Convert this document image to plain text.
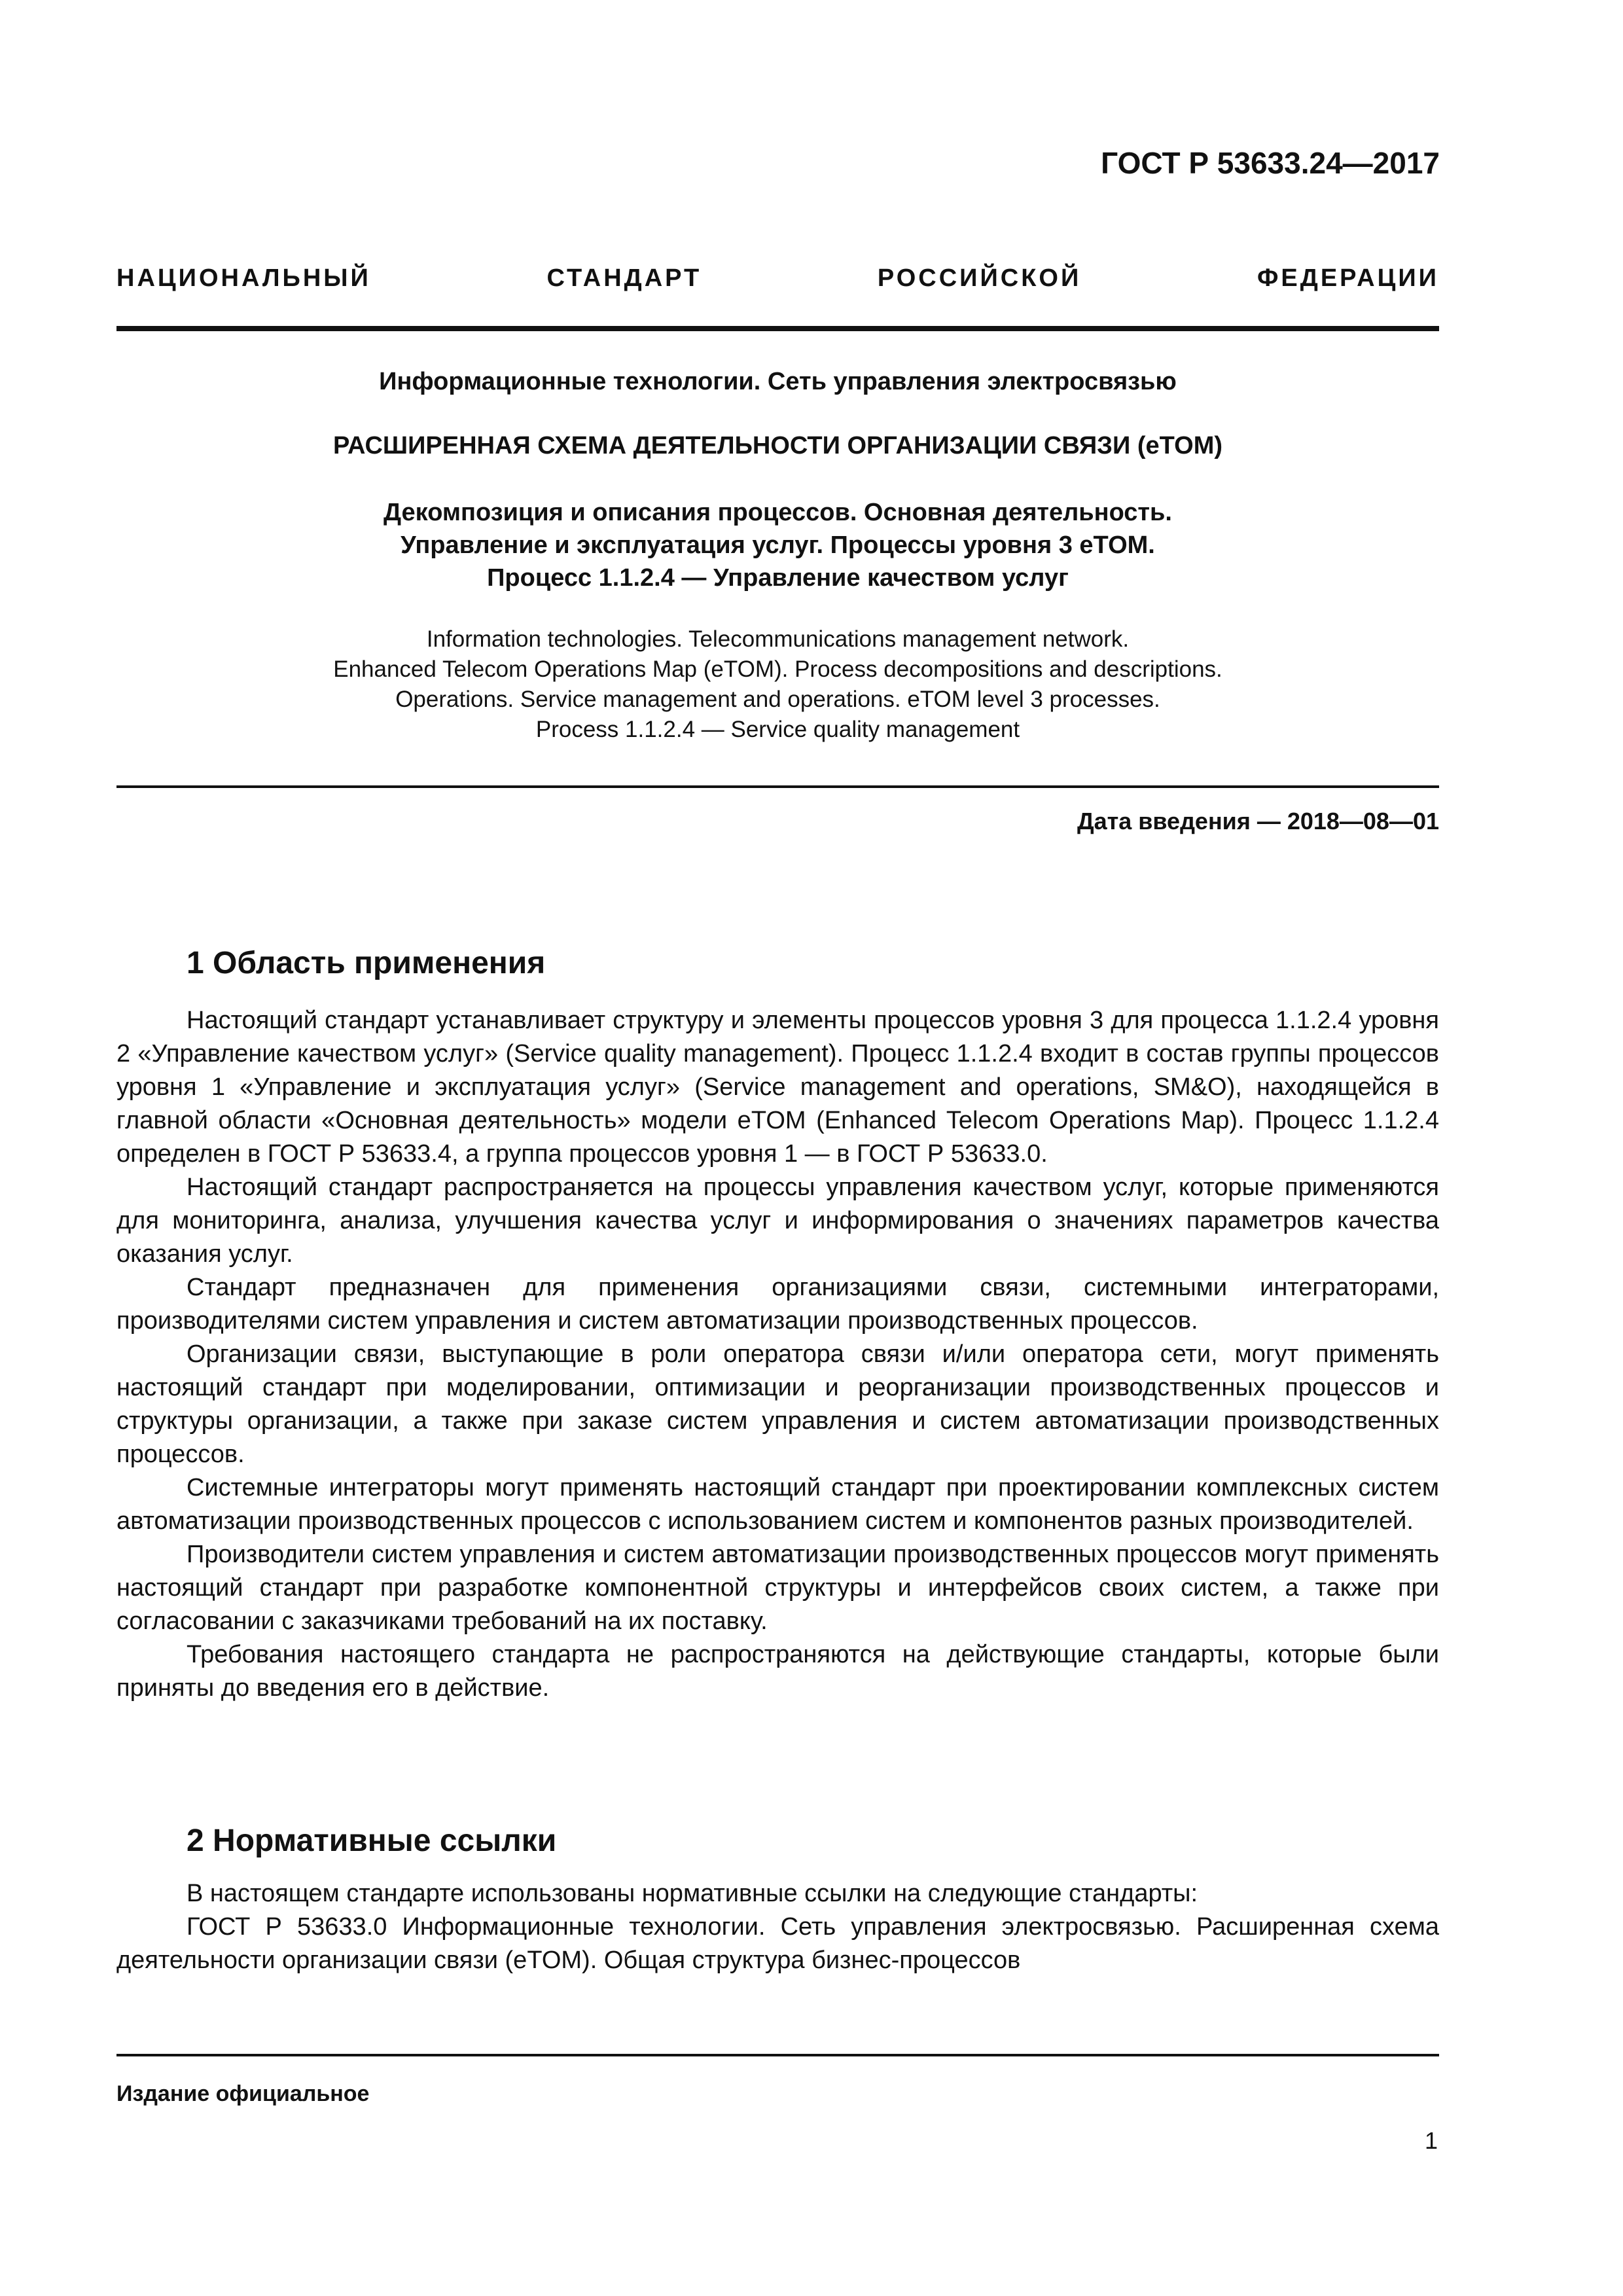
ГОСТ Р 53633.24—2017
НАЦИОНАЛЬНЫЙ СТАНДАРТ РОССИЙСКОЙ ФЕДЕРАЦИИ
Информационные технологии. Сеть управления электросвязью
РАСШИРЕННАЯ СХЕМА ДЕЯТЕЛЬНОСТИ ОРГАНИЗАЦИИ СВЯЗИ (eTOM)
Декомпозиция и описания процессов. Основная деятельность.
Управление и эксплуатация услуг. Процессы уровня 3 eTOM.
Процесс 1.1.2.4 — Управление качеством услуг
Information technologies. Telecommunications management network.
Enhanced Telecom Operations Map (eTOM). Process decompositions and descriptions.
Operations. Service management and operations. eTOM level 3 processes.
Process 1.1.2.4 — Service quality management
Дата введения — 2018—08—01
1 Область применения

Настоящий стандарт устанавливает структуру и элементы процессов уровня 3 для процесса 1.1.2.4 уровня 2 «Управление качеством услуг» (Service quality management). Процесс 1.1.2.4 входит в состав группы процессов уровня 1 «Управление и эксплуатация услуг» (Service management and operations, SM&O), находящейся в главной области «Основная деятельность» модели eTOM (Enhanced Telecom Operations Map). Процесс 1.1.2.4 определен в ГОСТ Р 53633.4, а группа процессов уровня 1 — в ГОСТ Р 53633.0.

Настоящий стандарт распространяется на процессы управления качеством услуг, которые применяются для мониторинга, анализа, улучшения качества услуг и информирования о значениях параметров качества оказания услуг.

Стандарт предназначен для применения организациями связи, системными интеграторами, производителями систем управления и систем автоматизации производственных процессов.

Организации связи, выступающие в роли оператора связи и/или оператора сети, могут применять настоящий стандарт при моделировании, оптимизации и реорганизации производственных процессов и структуры организации, а также при заказе систем управления и систем автоматизации производственных процессов.

Системные интеграторы могут применять настоящий стандарт при проектировании комплексных систем автоматизации производственных процессов с использованием систем и компонентов разных производителей.

Производители систем управления и систем автоматизации производственных процессов могут применять настоящий стандарт при разработке компонентной структуры и интерфейсов своих систем, а также при согласовании с заказчиками требований на их поставку.

Требования настоящего стандарта не распространяются на действующие стандарты, которые были приняты до введения его в действие.

2 Нормативные ссылки

В настоящем стандарте использованы нормативные ссылки на следующие стандарты:

ГОСТ Р 53633.0 Информационные технологии. Сеть управления электросвязью. Расширенная схема деятельности организации связи (eTOM). Общая структура бизнес-процессов

Издание официальное
1
